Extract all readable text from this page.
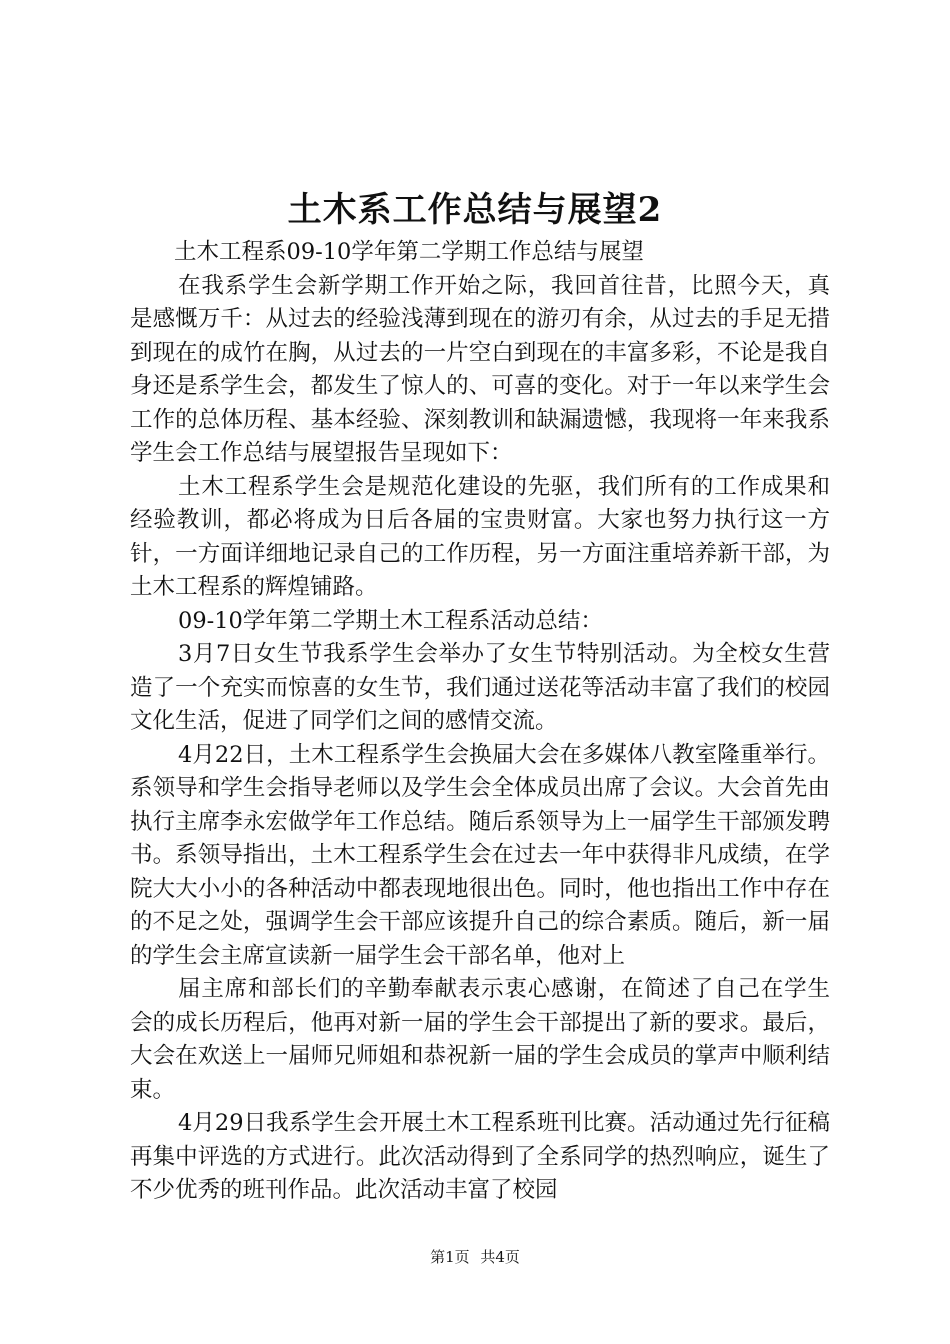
土木系工作总结与展望2

土木工程系09-10学年第二学期工作总结与展望

在我系学生会新学期工作开始之际，我回首往昔，比照今天，真是感慨万千：从过去的经验浅薄到现在的游刃有余，从过去的手足无措到现在的成竹在胸，从过去的一片空白到现在的丰富多彩，不论是我自身还是系学生会，都发生了惊人的、可喜的变化。对于一年以来学生会工作的总体历程、基本经验、深刻教训和缺漏遗憾，我现将一年来我系学生会工作总结与展望报告呈现如下：

土木工程系学生会是规范化建设的先驱，我们所有的工作成果和经验教训，都必将成为日后各届的宝贵财富。大家也努力执行这一方针，一方面详细地记录自己的工作历程，另一方面注重培养新干部，为土木工程系的辉煌铺路。

09-10学年第二学期土木工程系活动总结：

3月7日女生节我系学生会举办了女生节特别活动。为全校女生营造了一个充实而惊喜的女生节，我们通过送花等活动丰富了我们的校园文化生活，促进了同学们之间的感情交流。

4月22日，土木工程系学生会换届大会在多媒体八教室隆重举行。系领导和学生会指导老师以及学生会全体成员出席了会议。大会首先由执行主席李永宏做学年工作总结。随后系领导为上一届学生干部颁发聘书。系领导指出，土木工程系学生会在过去一年中获得非凡成绩，在学院大大小小的各种活动中都表现地很出色。同时，他也指出工作中存在的不足之处，强调学生会干部应该提升自己的综合素质。随后，新一届的学生会主席宣读新一届学生会干部名单，他对上

届主席和部长们的辛勤奉献表示衷心感谢，在简述了自己在学生会的成长历程后，他再对新一届的学生会干部提出了新的要求。最后，大会在欢送上一届师兄师姐和恭祝新一届的学生会成员的掌声中顺利结束。

4月29日我系学生会开展土木工程系班刊比赛。活动通过先行征稿再集中评选的方式进行。此次活动得到了全系同学的热烈响应，诞生了不少优秀的班刊作品。此次活动丰富了校园

第1页 共4页
